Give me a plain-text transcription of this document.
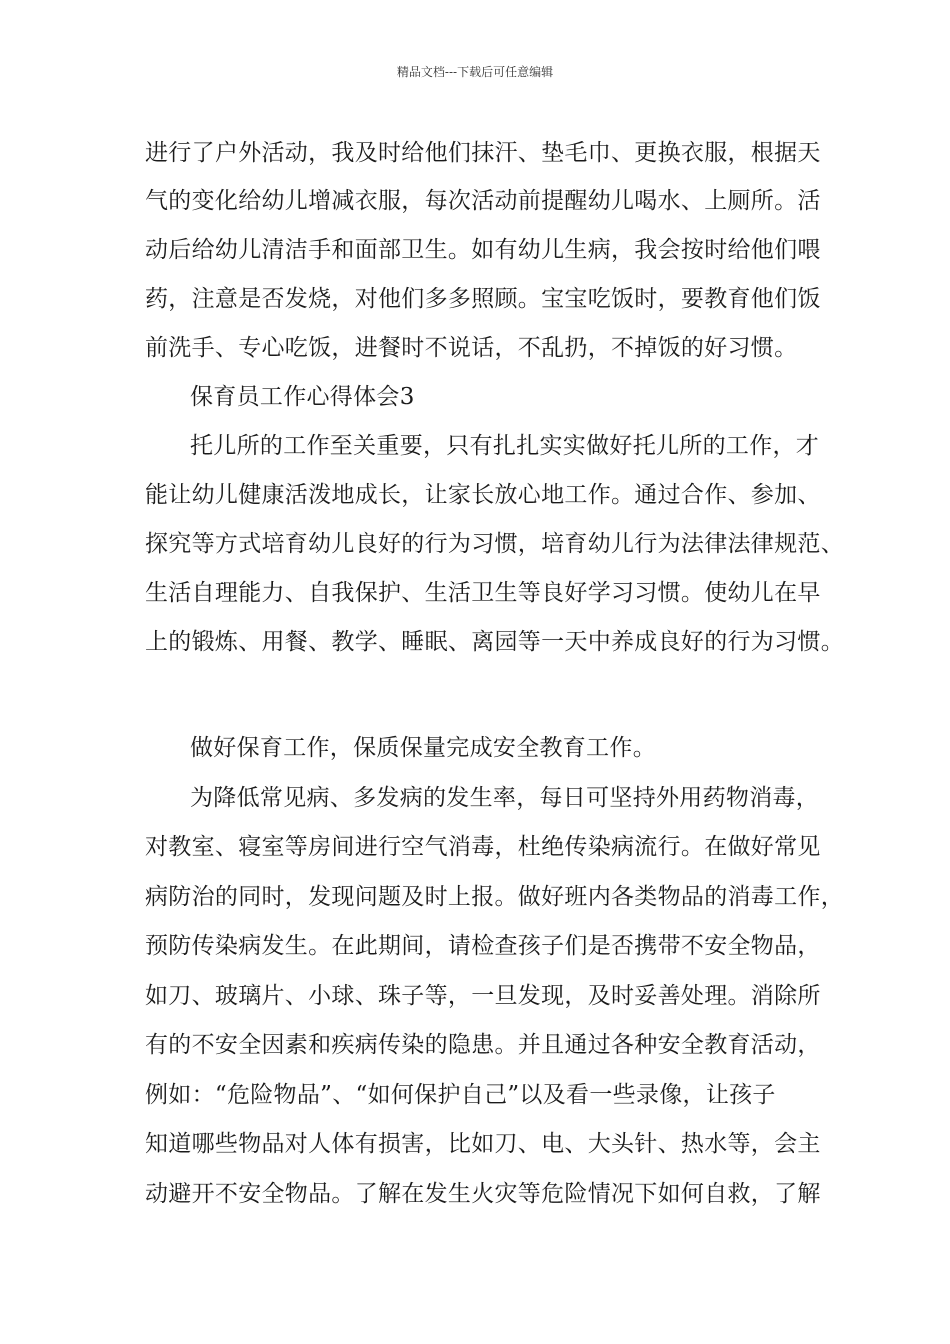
精品文档---下载后可任意编辑
进行了户外活动，我及时给他们抹汗、垫毛巾、更换衣服，根据天
气的变化给幼儿增减衣服，每次活动前提醒幼儿喝水、上厕所。活
动后给幼儿清洁手和面部卫生。如有幼儿生病，我会按时给他们喂
药，注意是否发烧，对他们多多照顾。宝宝吃饭时，要教育他们饭
前洗手、专心吃饭，进餐时不说话，不乱扔，不掉饭的好习惯。
保育员工作心得体会3
托儿所的工作至关重要，只有扎扎实实做好托儿所的工作，才
能让幼儿健康活泼地成长，让家长放心地工作。通过合作、参加、
探究等方式培育幼儿良好的行为习惯，培育幼儿行为法律法律规范、
生活自理能力、自我保护、生活卫生等良好学习习惯。使幼儿在早
上的锻炼、用餐、教学、睡眠、离园等一天中养成良好的行为习惯。
做好保育工作，保质保量完成安全教育工作。
为降低常见病、多发病的发生率，每日可坚持外用药物消毒，
对教室、寝室等房间进行空气消毒，杜绝传染病流行。在做好常见
病防治的同时，发现问题及时上报。做好班内各类物品的消毒工作，
预防传染病发生。在此期间，请检查孩子们是否携带不安全物品，
如刀、玻璃片、小球、珠子等，一旦发现，及时妥善处理。消除所
有的不安全因素和疾病传染的隐患。并且通过各种安全教育活动，
例如：“危险物品”、“如何保护自己”以及看一些录像，让孩子
知道哪些物品对人体有损害，比如刀、电、大头针、热水等，会主
动避开不安全物品。了解在发生火灾等危险情况下如何自救，了解
